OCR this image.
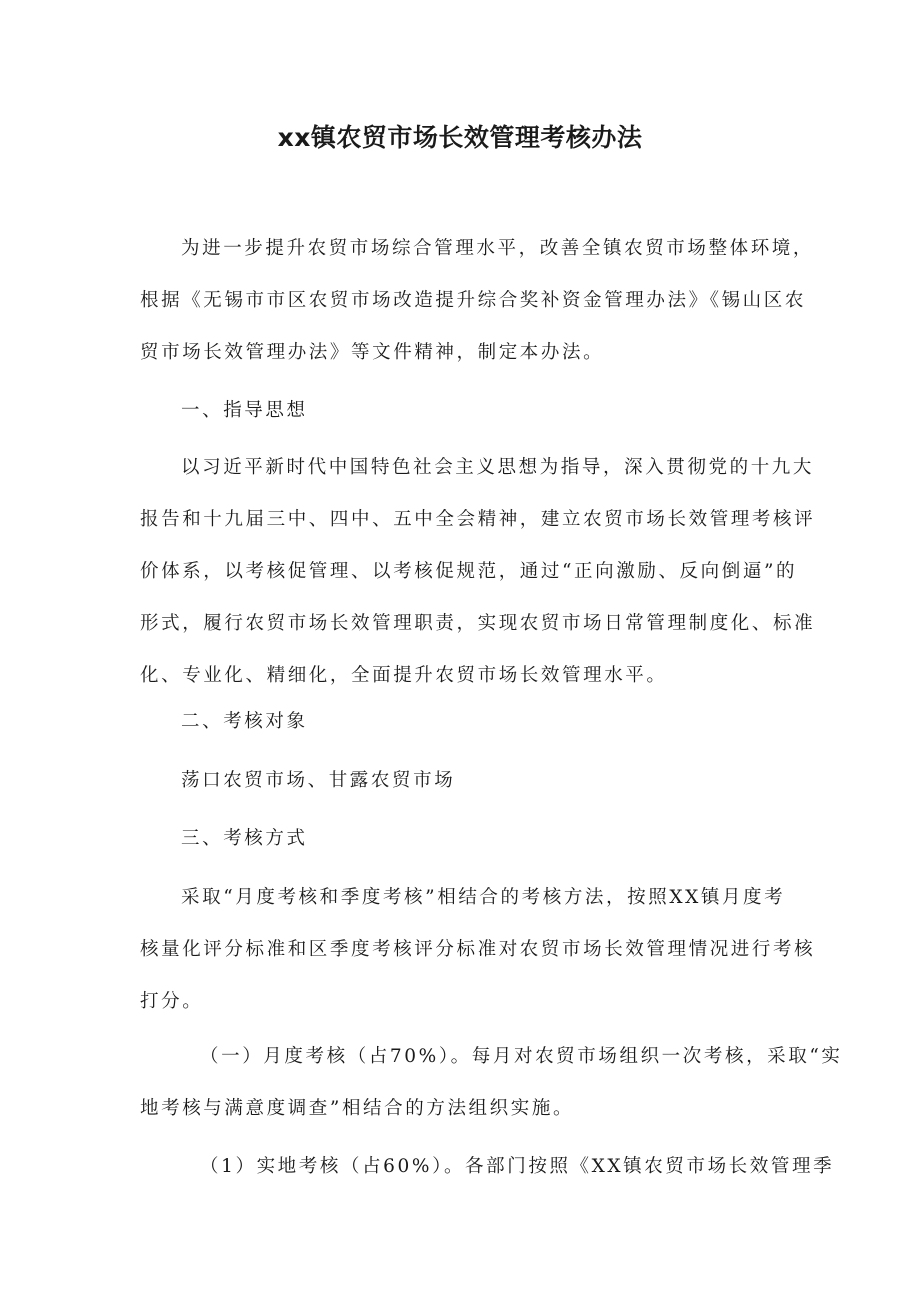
xx镇农贸市场长效管理考核办法
为进一步提升农贸市场综合管理水平，改善全镇农贸市场整体环境，
根据《无锡市市区农贸市场改造提升综合奖补资金管理办法》《锡山区农
贸市场长效管理办法》等文件精神，制定本办法。
一、指导思想
以习近平新时代中国特色社会主义思想为指导，深入贯彻党的十九大
报告和十九届三中、四中、五中全会精神，建立农贸市场长效管理考核评
价体系，以考核促管理、以考核促规范，通过“正向激励、反向倒逼”的
形式，履行农贸市场长效管理职责，实现农贸市场日常管理制度化、标准
化、专业化、精细化，全面提升农贸市场长效管理水平。
二、考核对象
荡口农贸市场、甘露农贸市场
三、考核方式
采取“月度考核和季度考核”相结合的考核方法，按照XX镇月度考
核量化评分标准和区季度考核评分标准对农贸市场长效管理情况进行考核
打分。
（一）月度考核（占70%）。每月对农贸市场组织一次考核，采取“实
地考核与满意度调查”相结合的方法组织实施。
（1）实地考核（占60%）。各部门按照《XX镇农贸市场长效管理季
